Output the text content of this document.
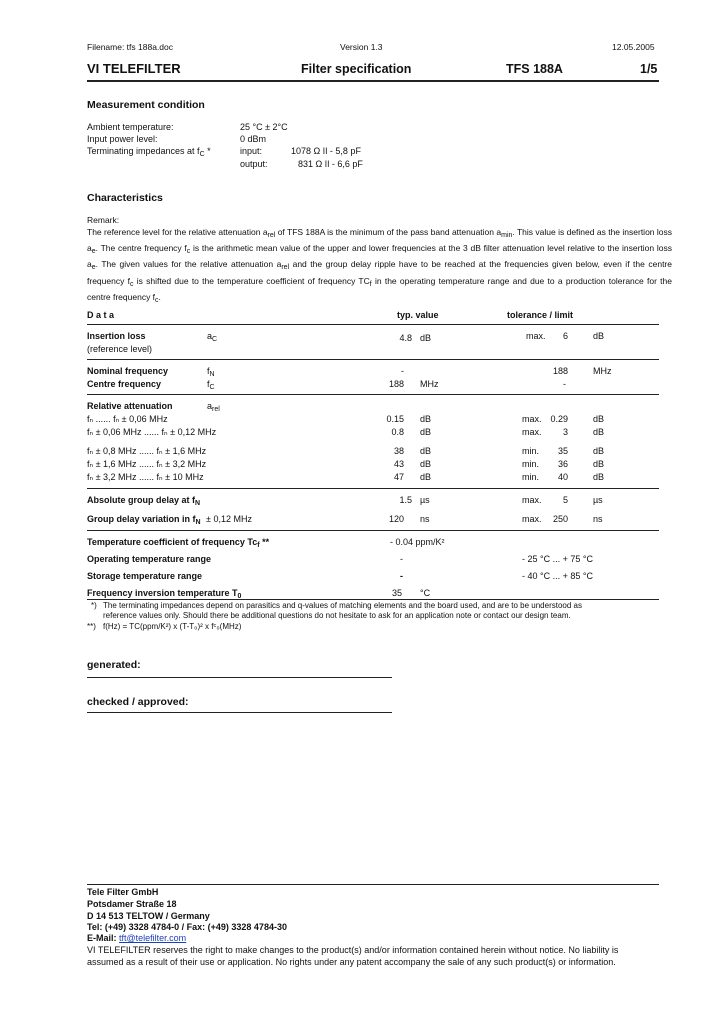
Filename: tfs 188a.doc	Version 1.3	12.05.2005
VI TELEFILTER	Filter specification	TFS 188A	1/5
Measurement condition
Ambient temperature:	25 °C ± 2°C
Input power level:	0 dBm
Terminating impedances at $f_C$ *	input:	1078 Ω ǀǀ - 5,8 pF
output:	831 Ω ǀǀ - 6,6 pF
Characteristics
Remark:
The reference level for the relative attenuation $a_{rel}$ of TFS 188A is the minimum of the pass band attenuation $a_{min}$. This value is defined as the insertion loss $a_e$. The centre frequency $f_c$ is the arithmetic mean value of the upper and lower frequencies at the 3 dB filter attenuation level relative to the insertion loss $a_e$. The given values for the relative attenuation $a_{rel}$ and the group delay ripple have to be reached at the frequencies given below, even if the centre frequency $f_c$ is shifted due to the temperature coefficient of frequency $TC_f$ in the operating temperature range and due to a production tolerance for the centre frequency $f_c$.
D a t a	typ. value	tolerance / limit
Insertion loss
(reference level)
$a_C$	4.8 dB	max.	6	dB
Nominal frequency	$f_N$	-	188	MHz
Centre frequency	$f_C$	188 MHz	-
Relative attenuation	$a_{rel}$
fₙ ...... fₙ ± 0,06 MHz	0.15 dB	max. 0.29	dB
fₙ ± 0,06 MHz ...... fₙ ± 0,12 MHz	0.8 dB	max.	3	dB
fₙ ± 0,8 MHz ...... fₙ ± 1,6 MHz	38 dB	min.	35	dB
fₙ ± 1,6 MHz ...... fₙ ± 3,2 MHz	43 dB	min.	36	dB
fₙ ± 3,2 MHz ...... fₙ ± 10 MHz	47 dB	min.	40	dB
Absolute group delay at $f_N$	1.5 µs	max.	5	µs
Group delay variation in $f_N \pm 0,12$ MHz	120 ns	max.	250	ns
Temperature coefficient of frequency $Tc_f$ **	- 0.04 ppm/K²
Operating temperature range	-	- 25 °C ... + 75 °C
Storage temperature range	-	- 40 °C ... + 85 °C
Frequency inversion temperature $T_0$	35 °C
*) The terminating impedances depend on parasitics and q-values of matching elements and the board used, and are to be understood as
reference values only. Should there be additional questions do not hesitate to ask for an application note or contact our design team.
**) f(Hz) = TC(ppm/K²) x (T-T₀)² x fᶜ₀(MHz)
generated:
checked / approved:
Tele Filter GmbH
Potsdamer Straße 18
D 14 513 TELTOW / Germany
Tel: (+49) 3328 4784-0 / Fax: (+49) 3328 4784-30
E-Mail: tft@telefilter.com
VI TELEFILTER reserves the right to make changes to the product(s) and/or information contained herein without notice. No liability is
assumed as a result of their use or application. No rights under any patent accompany the sale of any such product(s) or information.
